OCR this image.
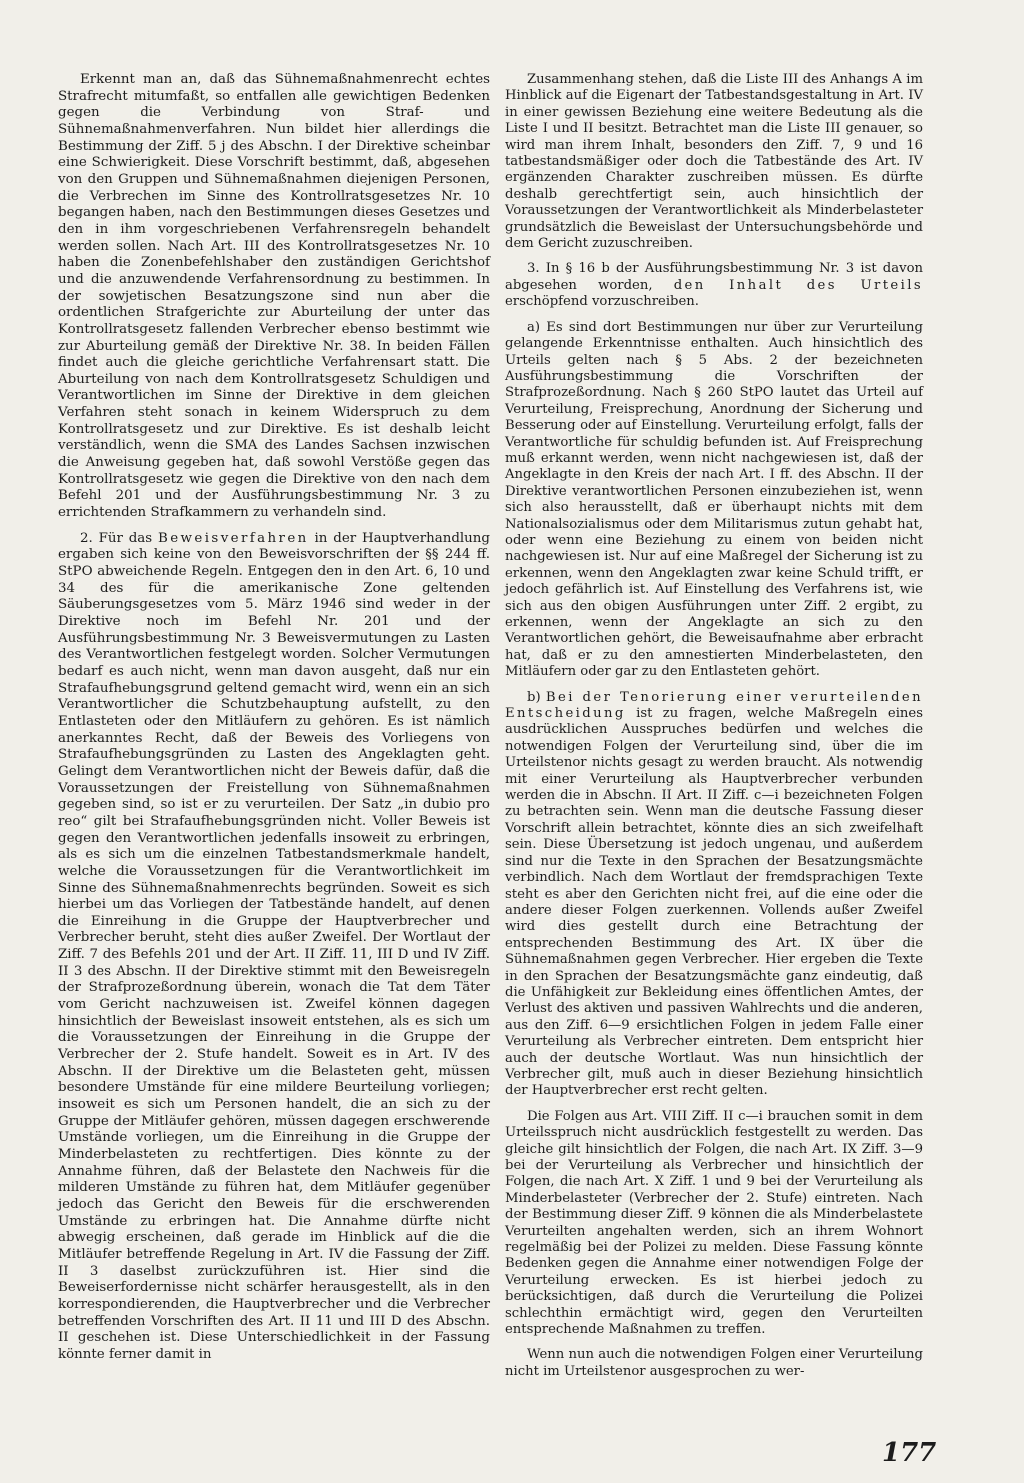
Erkennt man an, daß das Sühnemaßnahmenrecht echtes Strafrecht mitumfaßt, so entfallen alle gewichtigen Bedenken gegen die Verbindung von Straf- und Sühnemaßnahmenverfahren. Nun bildet hier allerdings die Bestimmung der Ziff. 5 j des Abschn. I der Direktive scheinbar eine Schwierigkeit. Diese Vorschrift bestimmt, daß, abgesehen von den Gruppen und Sühnemaßnahmen diejenigen Personen, die Verbrechen im Sinne des Kontrollratsgesetzes Nr. 10 begangen haben, nach den Bestimmungen dieses Gesetzes und den in ihm vorgeschriebenen Verfahrensregeln behandelt werden sollen. Nach Art. III des Kontrollratsgesetzes Nr. 10 haben die Zonenbefehlshaber den zuständigen Gerichtshof und die anzuwendende Verfahrensordnung zu bestimmen. In der sowjetischen Besatzungszone sind nun aber die ordentlichen Strafgerichte zur Aburteilung der unter das Kontrollratsgesetz fallenden Verbrecher ebenso bestimmt wie zur Aburteilung gemäß der Direktive Nr. 38. In beiden Fällen findet auch die gleiche gerichtliche Verfahrensart statt. Die Aburteilung von nach dem Kontrollratsgesetz Schuldigen und Verantwortlichen im Sinne der Direktive in dem gleichen Verfahren steht sonach in keinem Widerspruch zu dem Kontrollratsgesetz und zur Direktive. Es ist deshalb leicht verständlich, wenn die SMA des Landes Sachsen inzwischen die Anweisung gegeben hat, daß sowohl Verstöße gegen das Kontrollratsgesetz wie gegen die Direktive von den nach dem Befehl 201 und der Ausführungsbestimmung Nr. 3 zu errichtenden Strafkammern zu verhandeln sind.

2. Für das Beweisverfahren in der Hauptverhandlung ergaben sich keine von den Beweisvorschriften der §§ 244 ff. StPO abweichende Regeln. Entgegen den in den Art. 6, 10 und 34 des für die amerikanische Zone geltenden Säuberungsgesetzes vom 5. März 1946 sind weder in der Direktive noch im Befehl Nr. 201 und der Ausführungsbestimmung Nr. 3 Beweisvermutungen zu Lasten des Verantwortlichen festgelegt worden. Solcher Vermutungen bedarf es auch nicht, wenn man davon ausgeht, daß nur ein Strafaufhebungsgrund geltend gemacht wird, wenn ein an sich Verantwortlicher die Schutzbehauptung aufstellt, zu den Entlasteten oder den Mitläufern zu gehören. Es ist nämlich anerkanntes Recht, daß der Beweis des Vorliegens von Strafaufhebungsgründen zu Lasten des Angeklagten geht. Gelingt dem Verantwortlichen nicht der Beweis dafür, daß die Voraussetzungen der Freistellung von Sühnemaßnahmen gegeben sind, so ist er zu verurteilen. Der Satz „in dubio pro reo“ gilt bei Strafaufhebungsgründen nicht. Voller Beweis ist gegen den Verantwortlichen jedenfalls insoweit zu erbringen, als es sich um die einzelnen Tatbestandsmerkmale handelt, welche die Voraussetzungen für die Verantwortlichkeit im Sinne des Sühnemaßnahmenrechts begründen. Soweit es sich hierbei um das Vorliegen der Tatbestände handelt, auf denen die Einreihung in die Gruppe der Hauptverbrecher und Verbrecher beruht, steht dies außer Zweifel. Der Wortlaut der Ziff. 7 des Befehls 201 und der Art. II Ziff. 11, III D und IV Ziff. II 3 des Abschn. II der Direktive stimmt mit den Beweisregeln der Strafprozeßordnung überein, wonach die Tat dem Täter vom Gericht nachzuweisen ist. Zweifel können dagegen hinsichtlich der Beweislast insoweit entstehen, als es sich um die Voraussetzungen der Einreihung in die Gruppe der Verbrecher der 2. Stufe handelt. Soweit es in Art. IV des Abschn. II der Direktive um die Belasteten geht, müssen besondere Umstände für eine mildere Beurteilung vorliegen; insoweit es sich um Personen handelt, die an sich zu der Gruppe der Mitläufer gehören, müssen dagegen erschwerende Umstände vorliegen, um die Einreihung in die Gruppe der Minderbelasteten zu rechtfertigen. Dies könnte zu der Annahme führen, daß der Belastete den Nachweis für die milderen Umstände zu führen hat, dem Mitläufer gegenüber jedoch das Gericht den Beweis für die erschwerenden Umstände zu erbringen hat. Die Annahme dürfte nicht abwegig erscheinen, daß gerade im Hinblick auf die die Mitläufer betreffende Regelung in Art. IV die Fassung der Ziff. II 3 daselbst zurückzuführen ist. Hier sind die Beweiserfordernisse nicht schärfer herausgestellt, als in den korrespondierenden, die Hauptverbrecher und die Verbrecher betreffenden Vorschriften des Art. II 11 und III D des Abschn. II geschehen ist. Diese Unterschiedlichkeit in der Fassung könnte ferner damit in

Zusammenhang stehen, daß die Liste III des Anhangs A im Hinblick auf die Eigenart der Tatbestandsgestaltung in Art. IV in einer gewissen Beziehung eine weitere Bedeutung als die Liste I und II besitzt. Betrachtet man die Liste III genauer, so wird man ihrem Inhalt, besonders den Ziff. 7, 9 und 16 tatbestandsmäßiger oder doch die Tatbestände des Art. IV ergänzenden Charakter zuschreiben müssen. Es dürfte deshalb gerechtfertigt sein, auch hinsichtlich der Voraussetzungen der Verantwortlichkeit als Minderbelasteter grundsätzlich die Beweislast der Untersuchungsbehörde und dem Gericht zuzuschreiben.

3. In § 16 b der Ausführungsbestimmung Nr. 3 ist davon abgesehen worden, den Inhalt des Urteils erschöpfend vorzuschreiben.

a) Es sind dort Bestimmungen nur über zur Verurteilung gelangende Erkenntnisse enthalten. Auch hinsichtlich des Urteils gelten nach § 5 Abs. 2 der bezeichneten Ausführungsbestimmung die Vorschriften der Strafprozeßordnung. Nach § 260 StPO lautet das Urteil auf Verurteilung, Freisprechung, Anordnung der Sicherung und Besserung oder auf Einstellung. Verurteilung erfolgt, falls der Verantwortliche für schuldig befunden ist. Auf Freisprechung muß erkannt werden, wenn nicht nachgewiesen ist, daß der Angeklagte in den Kreis der nach Art. I ff. des Abschn. II der Direktive verantwortlichen Personen einzubeziehen ist, wenn sich also herausstellt, daß er überhaupt nichts mit dem Nationalsozialismus oder dem Militarismus zutun gehabt hat, oder wenn eine Beziehung zu einem von beiden nicht nachgewiesen ist. Nur auf eine Maßregel der Sicherung ist zu erkennen, wenn den Angeklagten zwar keine Schuld trifft, er jedoch gefährlich ist. Auf Einstellung des Verfahrens ist, wie sich aus den obigen Ausführungen unter Ziff. 2 ergibt, zu erkennen, wenn der Angeklagte an sich zu den Verantwortlichen gehört, die Beweisaufnahme aber erbracht hat, daß er zu den amnestierten Minderbelasteten, den Mitläufern oder gar zu den Entlasteten gehört.

b) Bei der Tenorierung einer verurteilenden Entscheidung ist zu fragen, welche Maßregeln eines ausdrücklichen Ausspruches bedürfen und welches die notwendigen Folgen der Verurteilung sind, über die im Urteilstenor nichts gesagt zu werden braucht. Als notwendig mit einer Verurteilung als Hauptverbrecher verbunden werden die in Abschn. II Art. II Ziff. c—i bezeichneten Folgen zu betrachten sein. Wenn man die deutsche Fassung dieser Vorschrift allein betrachtet, könnte dies an sich zweifelhaft sein. Diese Übersetzung ist jedoch ungenau, und außerdem sind nur die Texte in den Sprachen der Besatzungsmächte verbindlich. Nach dem Wortlaut der fremdsprachigen Texte steht es aber den Gerichten nicht frei, auf die eine oder die andere dieser Folgen zuerkennen. Vollends außer Zweifel wird dies gestellt durch eine Betrachtung der entsprechenden Bestimmung des Art. IX über die Sühnemaßnahmen gegen Verbrecher. Hier ergeben die Texte in den Sprachen der Besatzungsmächte ganz eindeutig, daß die Unfähigkeit zur Bekleidung eines öffentlichen Amtes, der Verlust des aktiven und passiven Wahlrechts und die anderen, aus den Ziff. 6—9 ersichtlichen Folgen in jedem Falle einer Verurteilung als Verbrecher eintreten. Dem entspricht hier auch der deutsche Wortlaut. Was nun hinsichtlich der Verbrecher gilt, muß auch in dieser Beziehung hinsichtlich der Hauptverbrecher erst recht gelten.

Die Folgen aus Art. VIII Ziff. II c—i brauchen somit in dem Urteilsspruch nicht ausdrücklich festgestellt zu werden. Das gleiche gilt hinsichtlich der Folgen, die nach Art. IX Ziff. 3—9 bei der Verurteilung als Verbrecher und hinsichtlich der Folgen, die nach Art. X Ziff. 1 und 9 bei der Verurteilung als Minderbelasteter (Verbrecher der 2. Stufe) eintreten. Nach der Bestimmung dieser Ziff. 9 können die als Minderbelastete Verurteilten angehalten werden, sich an ihrem Wohnort regelmäßig bei der Polizei zu melden. Diese Fassung könnte Bedenken gegen die Annahme einer notwendigen Folge der Verurteilung erwecken. Es ist hierbei jedoch zu berücksichtigen, daß durch die Verurteilung die Polizei schlechthin ermächtigt wird, gegen den Verurteilten entsprechende Maßnahmen zu treffen.

Wenn nun auch die notwendigen Folgen einer Verurteilung nicht im Urteilstenor ausgesprochen zu wer-

177
